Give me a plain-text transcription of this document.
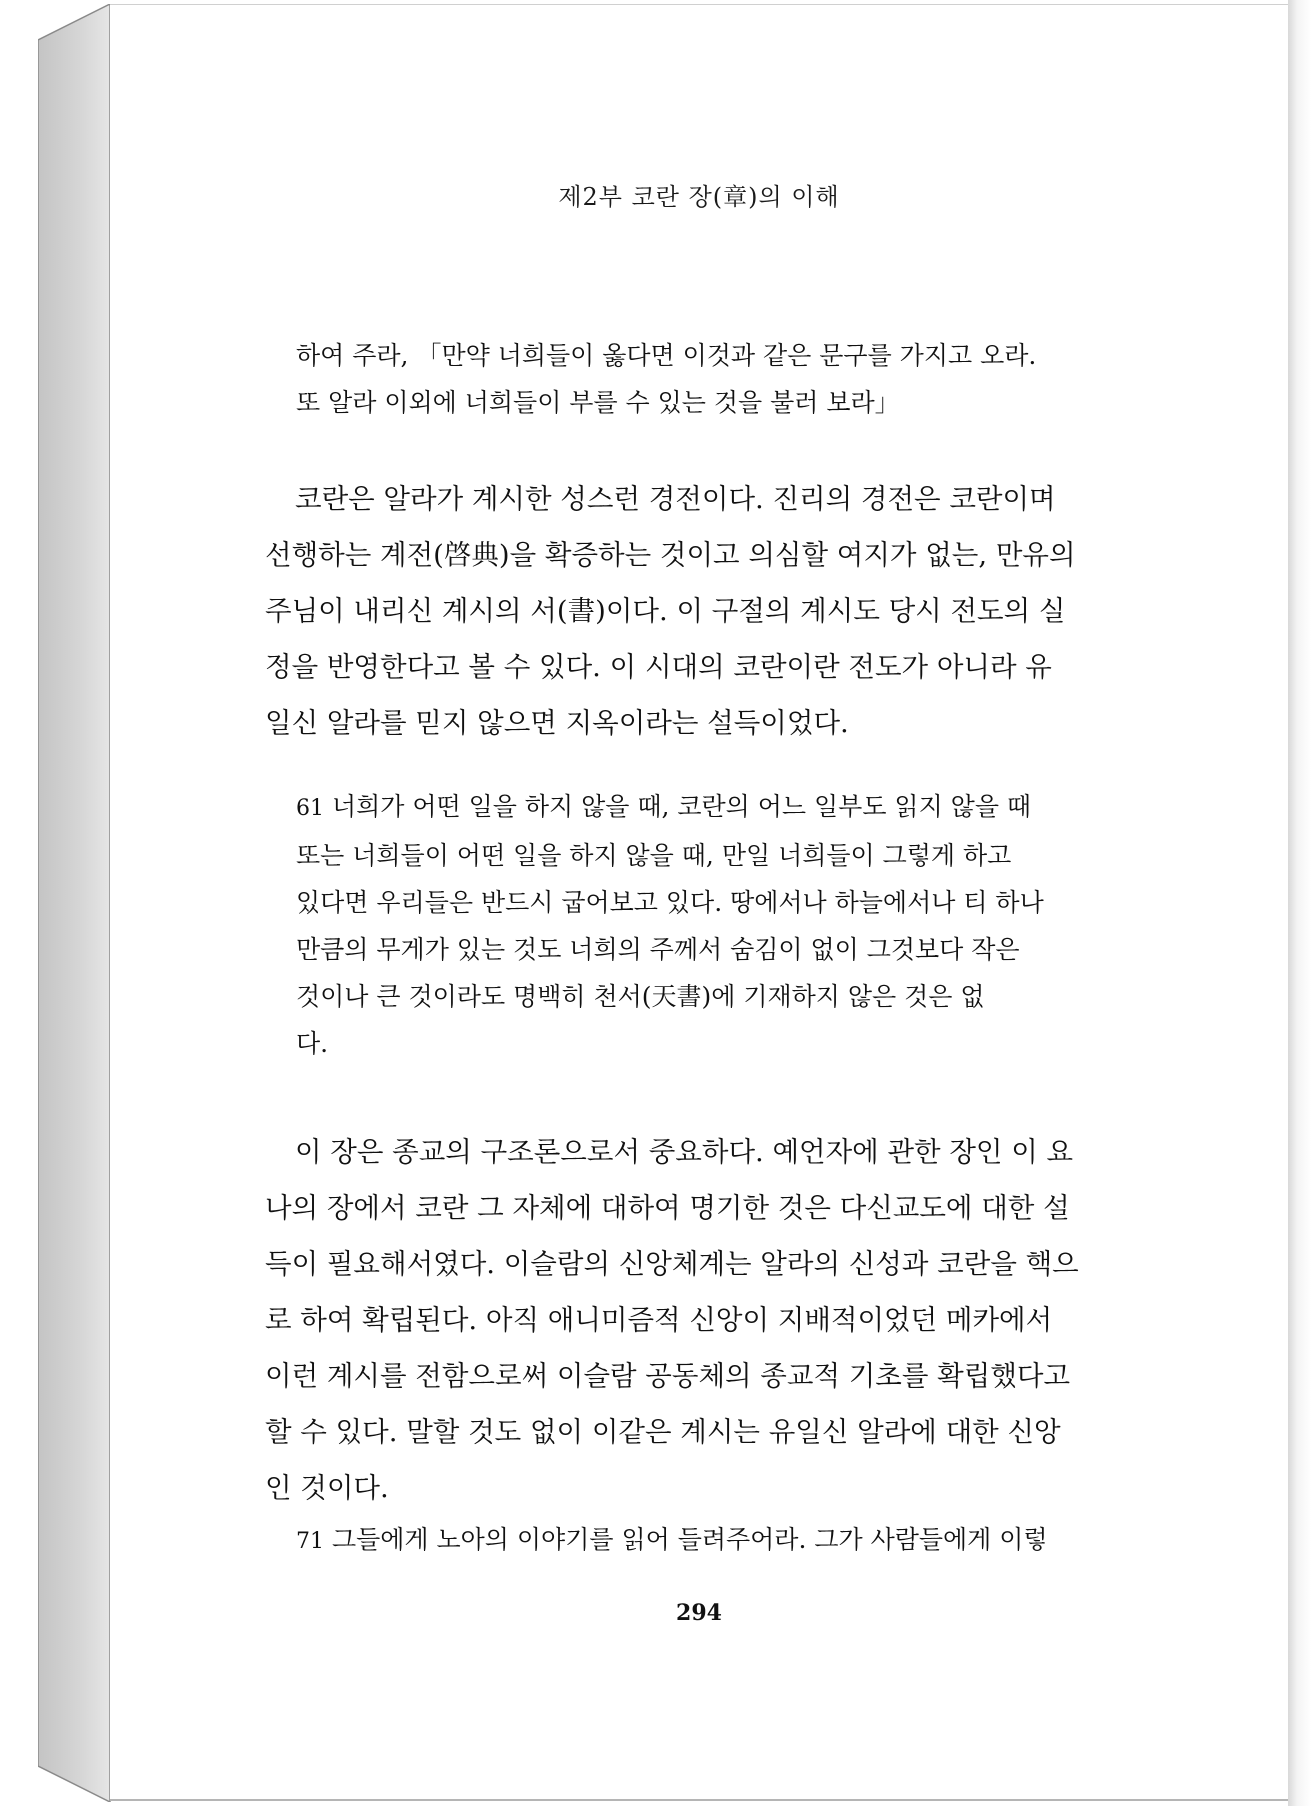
제2부 코란 장(章)의 이해
하여 주라, 「만약 너희들이 옳다면 이것과 같은 문구를 가지고 오라.
또 알라 이외에 너희들이 부를 수 있는 것을 불러 보라」
코란은 알라가 계시한 성스런 경전이다. 진리의 경전은 코란이며
선행하는 계전(啓典)을 확증하는 것이고 의심할 여지가 없는, 만유의
주님이 내리신 계시의 서(書)이다. 이 구절의 계시도 당시 전도의 실
정을 반영한다고 볼 수 있다. 이 시대의 코란이란 전도가 아니라 유
일신 알라를 믿지 않으면 지옥이라는 설득이었다.
61 너희가 어떤 일을 하지 않을 때, 코란의 어느 일부도 읽지 않을 때
또는 너희들이 어떤 일을 하지 않을 때, 만일 너희들이 그렇게 하고
있다면 우리들은 반드시 굽어보고 있다. 땅에서나 하늘에서나 티 하나
만큼의 무게가 있는 것도 너희의 주께서 숨김이 없이 그것보다 작은
것이나 큰 것이라도 명백히 천서(天書)에 기재하지 않은 것은 없
다.
이 장은 종교의 구조론으로서 중요하다. 예언자에 관한 장인 이 요
나의 장에서 코란 그 자체에 대하여 명기한 것은 다신교도에 대한 설
득이 필요해서였다. 이슬람의 신앙체계는 알라의 신성과 코란을 핵으
로 하여 확립된다. 아직 애니미즘적 신앙이 지배적이었던 메카에서
이런 계시를 전함으로써 이슬람 공동체의 종교적 기초를 확립했다고
할 수 있다. 말할 것도 없이 이같은 계시는 유일신 알라에 대한 신앙
인 것이다.
71 그들에게 노아의 이야기를 읽어 들려주어라. 그가 사람들에게 이렇
294
